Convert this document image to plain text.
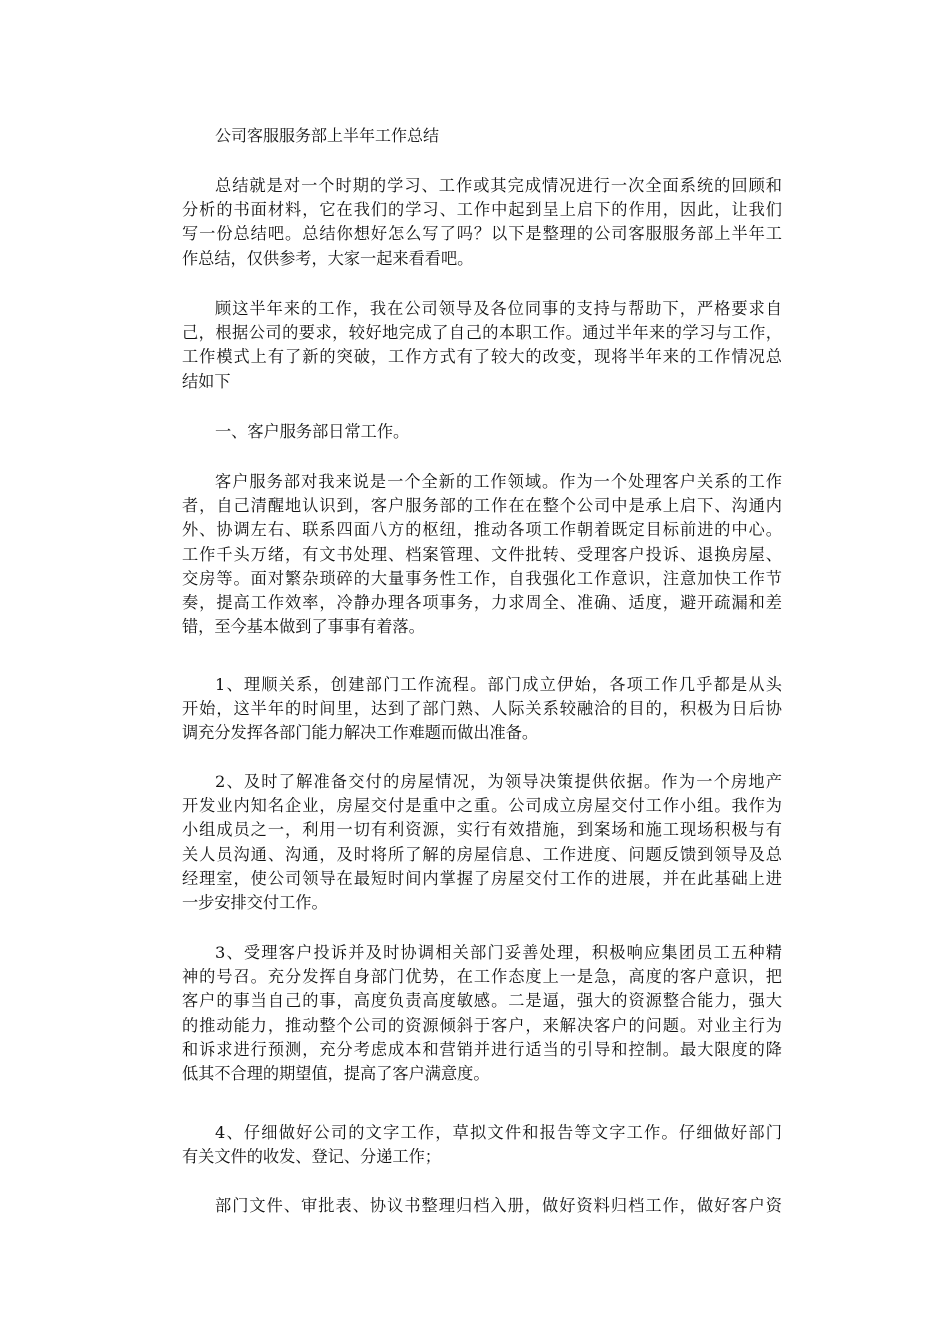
公司客服服务部上半年工作总结
总结就是对一个时期的学习、工作或其完成情况进行一次全面系统的回顾和
分析的书面材料，它在我们的学习、工作中起到呈上启下的作用，因此，让我们
写一份总结吧。总结你想好怎么写了吗？以下是整理的公司客服服务部上半年工
作总结，仅供参考，大家一起来看看吧。
顾这半年来的工作，我在公司领导及各位同事的支持与帮助下，严格要求自
己，根据公司的要求，较好地完成了自己的本职工作。通过半年来的学习与工作，
工作模式上有了新的突破，工作方式有了较大的改变，现将半年来的工作情况总
结如下
一、客户服务部日常工作。
客户服务部对我来说是一个全新的工作领域。作为一个处理客户关系的工作
者，自己清醒地认识到，客户服务部的工作在在整个公司中是承上启下、沟通内
外、协调左右、联系四面八方的枢纽，推动各项工作朝着既定目标前进的中心。
工作千头万绪，有文书处理、档案管理、文件批转、受理客户投诉、退换房屋、
交房等。面对繁杂琐碎的大量事务性工作，自我强化工作意识，注意加快工作节
奏，提高工作效率，冷静办理各项事务，力求周全、准确、适度，避开疏漏和差
错，至今基本做到了事事有着落。
1、理顺关系，创建部门工作流程。部门成立伊始，各项工作几乎都是从头
开始，这半年的时间里，达到了部门熟、人际关系较融洽的目的，积极为日后协
调充分发挥各部门能力解决工作难题而做出准备。
2、及时了解准备交付的房屋情况，为领导决策提供依据。作为一个房地产
开发业内知名企业，房屋交付是重中之重。公司成立房屋交付工作小组。我作为
小组成员之一，利用一切有利资源，实行有效措施，到案场和施工现场积极与有
关人员沟通、沟通，及时将所了解的房屋信息、工作进度、问题反馈到领导及总
经理室，使公司领导在最短时间内掌握了房屋交付工作的进展，并在此基础上进
一步安排交付工作。
3、受理客户投诉并及时协调相关部门妥善处理，积极响应集团员工五种精
神的号召。充分发挥自身部门优势，在工作态度上一是急，高度的客户意识，把
客户的事当自己的事，高度负责高度敏感。二是逼，强大的资源整合能力，强大
的推动能力，推动整个公司的资源倾斜于客户，来解决客户的问题。对业主行为
和诉求进行预测，充分考虑成本和营销并进行适当的引导和控制。最大限度的降
低其不合理的期望值，提高了客户满意度。
4、仔细做好公司的文字工作，草拟文件和报告等文字工作。仔细做好部门
有关文件的收发、登记、分递工作；
部门文件、审批表、协议书整理归档入册，做好资料归档工作，做好客户资
